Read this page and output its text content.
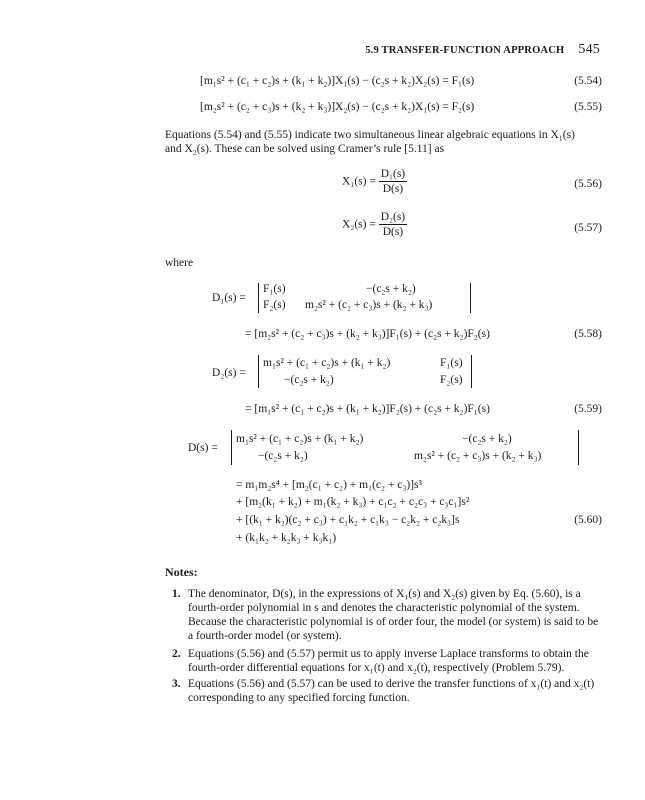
5.9 TRANSFER-FUNCTION APPROACH 545
[m₁s² + (c₁ + c₂)s + (k₁ + k₂)]X₁(s) − (c₂s + k₂)X₂(s) = F₁(s)	(5.54)
[m₂s² + (c₂ + c₃)s + (k₂ + k₃)]X₂(s) − (c₂s + k₂)X₁(s) = F₂(s)	(5.55)
Equations (5.54) and (5.55) indicate two simultaneous linear algebraic equations in X₁(s)
and X₂(s). These can be solved using Cramer’s rule [5.11] as
$X_1(s) = \frac{\text{D₁(s)}}{D(s)}$	(5.56)
$X_2(s) = \frac{\text{D₂(s)}}{D(s)}$	(5.57)
where
D₁(s) =
F₁(s)	−(c₂s + k₂)
F₂(s) m₂s² + (c₂ + c₃)s + (k₂ + k₃)
= [m₂s² + (c₂ + c₃)s + (k₂ + k₃)]F₁(s) + (c₂s + k₂)F₂(s)	(5.58)
D₂(s) =
m₁s² + (c₁ + c₂)s + (k₁ + k₂)	F₁(s)
−(c₂s + k₂)	F₂(s)
= [m₁s² + (c₁ + c₂)s + (k₁ + k₂)]F₂(s) + (c₂s + k₂)F₁(s)	(5.59)
D(s) =
m₁s² + (c₁ + c₂)s + (k₁ + k₂)	−(c₂s + k₂)
−(c₂s + k₂)	m₂s² + (c₂ + c₃)s + (k₂ + k₃)
= m₁m₂s⁴ + [m₂(c₁ + c₂) + m₁(c₂ + c₃)]s³
+ [m₂(k₁ + k₂) + m₁(k₂ + k₃) + c₁c₂ + c₂c₃ + c₃c₁]s²
+ [(k₁ + k₂)(c₂ + c₃) + c₁k₂ + c₁k₃ − c₂k₂ + c₂k₃]s	(5.60)
+ (k₁k₂ + k₂k₃ + k₃k₁)
Notes:
1. The denominator, D(s), in the expressions of X₁(s) and X₂(s) given by Eq. (5.60), is a fourth-order polynomial in s and denotes the characteristic polynomial of the system. Because the characteristic polynomial is of order four, the model (or system) is said to be a fourth-order model (or system).
2. Equations (5.56) and (5.57) permit us to apply inverse Laplace transforms to obtain the fourth-order differential equations for x₁(t) and x₂(t), respectively (Problem 5.79).
3. Equations (5.56) and (5.57) can be used to derive the transfer functions of x₁(t) and x₂(t) corresponding to any specified forcing function.
